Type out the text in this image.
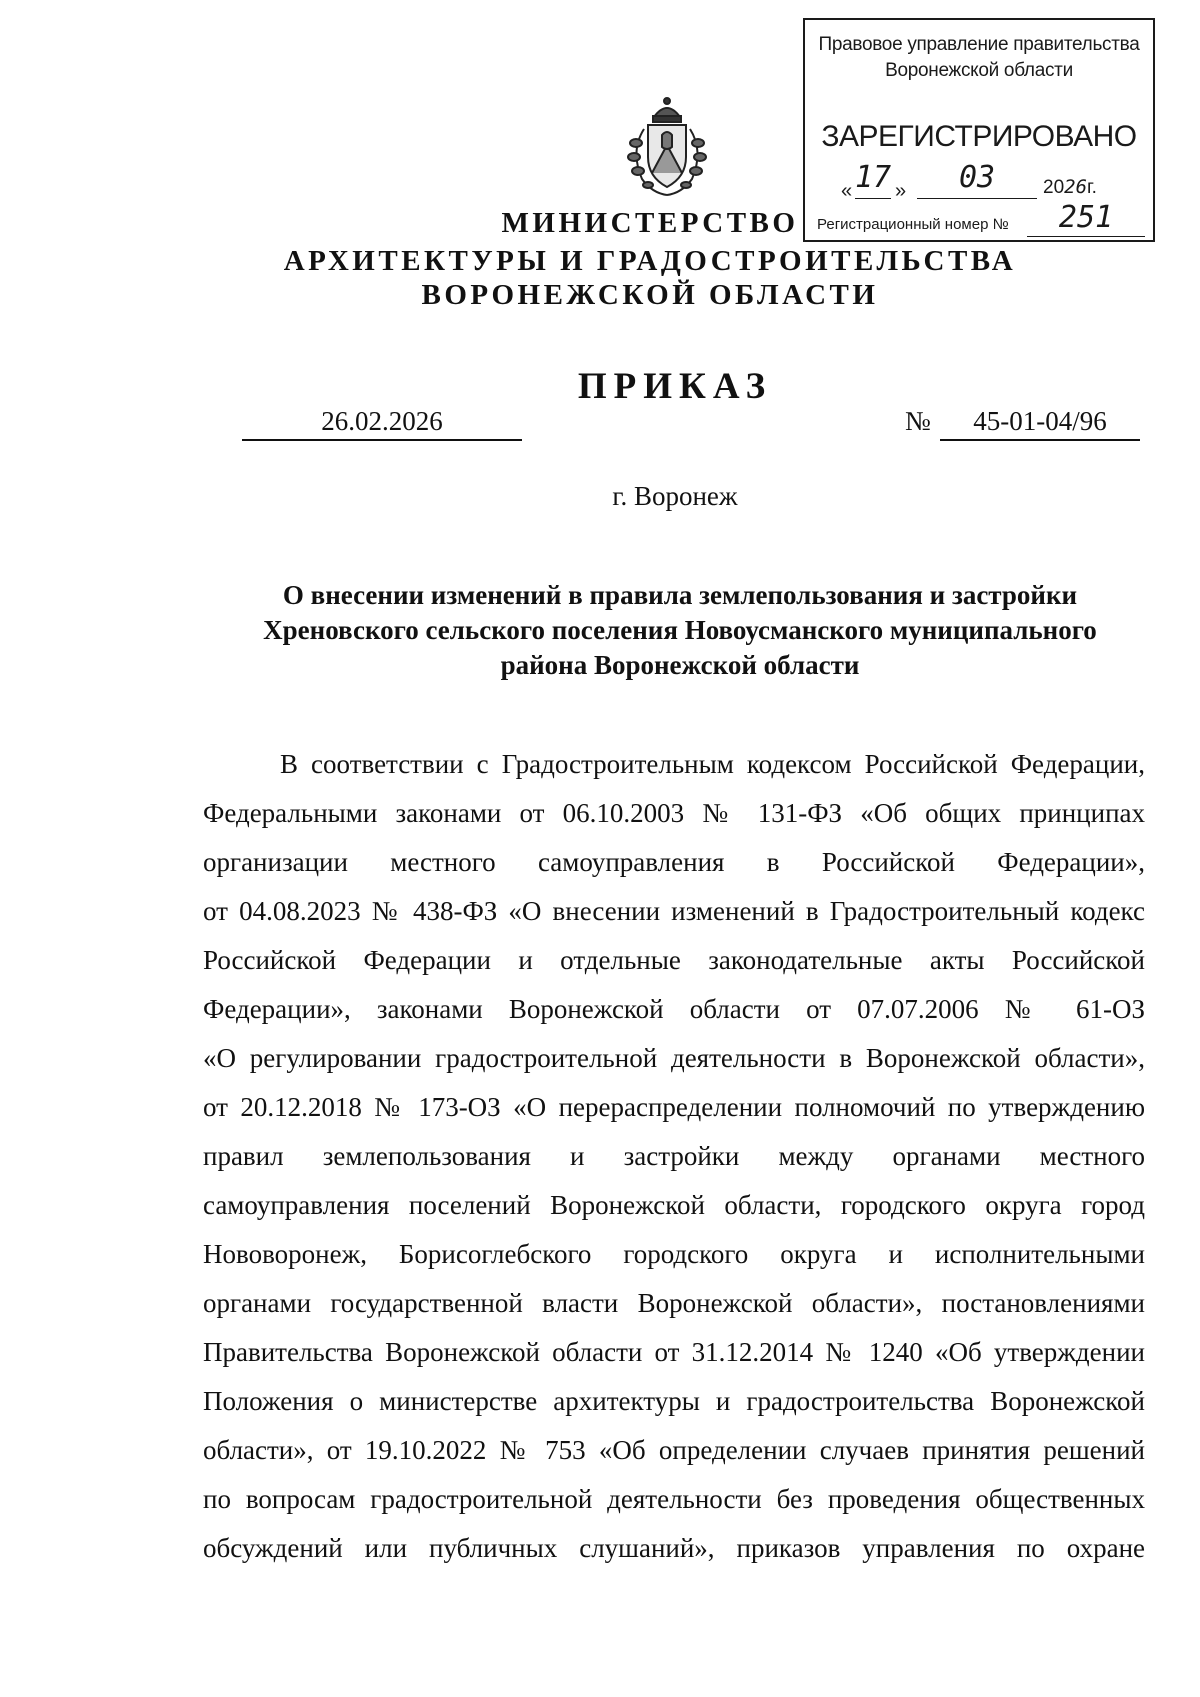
Правовое управление правительства
Воронежской области
ЗАРЕГИСТРИРОВАНО
« 17 »	03	2026г.
Регистрационный номер №	251
МИНИСТЕРСТВО
АРХИТЕКТУРЫ И ГРАДОСТРОИТЕЛЬСТВА
ВОРОНЕЖСКОЙ ОБЛАСТИ
ПРИКАЗ
26.02.2026	№	45-01-04/96
г. Воронеж
О внесении изменений в правила землепользования и застройки
Хреновского сельского поселения Новоусманского муниципального
района Воронежской области
В соответствии с Градостроительным кодексом Российской Федерации,
Федеральными законами от 06.10.2003 № 131-ФЗ «Об общих принципах
организации местного самоуправления в Российской Федерации»,
от 04.08.2023 № 438-ФЗ «О внесении изменений в Градостроительный кодекс
Российской Федерации и отдельные законодательные акты Российской
Федерации», законами Воронежской области от 07.07.2006 № 61-ОЗ
«О регулировании градостроительной деятельности в Воронежской области»,
от 20.12.2018 № 173-ОЗ «О перераспределении полномочий по утверждению
правил землепользования и застройки между органами местного
самоуправления поселений Воронежской области, городского округа город
Нововоронеж, Борисоглебского городского округа и исполнительными
органами государственной власти Воронежской области», постановлениями
Правительства Воронежской области от 31.12.2014 № 1240 «Об утверждении
Положения о министерстве архитектуры и градостроительства Воронежской
области», от 19.10.2022 № 753 «Об определении случаев принятия решений
по вопросам градостроительной деятельности без проведения общественных
обсуждений или публичных слушаний», приказов управления по охране
